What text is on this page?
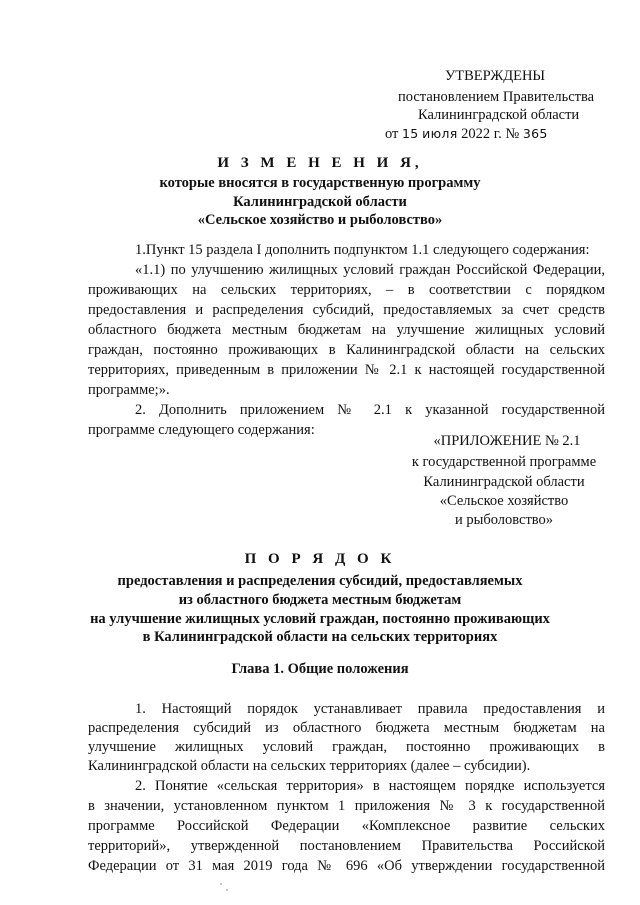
УТВЕРЖДЕНЫ
постановлением Правительства
Калининградской области
от 15 июля 2022 г. № 365
И З М Е Н Е Н И Я,
которые вносятся в государственную программу
Калининградской области
«Сельское хозяйство и рыболовство»
1.Пункт 15 раздела I дополнить подпунктом 1.1 следующего содержания:
«1.1) по улучшению жилищных условий граждан Российской Федерации,
проживающих на сельских территориях, – в соответствии с порядком
предоставления и распределения субсидий, предоставляемых за счет средств
областного бюджета местным бюджетам на улучшение жилищных условий
граждан, постоянно проживающих в Калининградской области на сельских
территориях, приведенным в приложении № 2.1 к настоящей государственной
программе;».
2. Дополнить приложением № 2.1 к указанной государственной
программе следующего содержания:
«ПРИЛОЖЕНИЕ № 2.1
к государственной программе
Калининградской области
«Сельское хозяйство
и рыболовство»
П О Р Я Д О К
предоставления и распределения субсидий, предоставляемых
из областного бюджета местным бюджетам
на улучшение жилищных условий граждан, постоянно проживающих
в Калининградской области на сельских территориях
Глава 1. Общие положения
1. Настоящий порядок устанавливает правила предоставления и
распределения субсидий из областного бюджета местным бюджетам на
улучшение жилищных условий граждан, постоянно проживающих в
Калининградской области на сельских территориях (далее – субсидии).
2. Понятие «сельская территория» в настоящем порядке используется
в значении, установленном пунктом 1 приложения № 3 к государственной
программе Российской Федерации «Комплексное развитие сельских
территорий», утвержденной постановлением Правительства Российской
Федерации от 31 мая 2019 года № 696 «Об утверждении государственной
